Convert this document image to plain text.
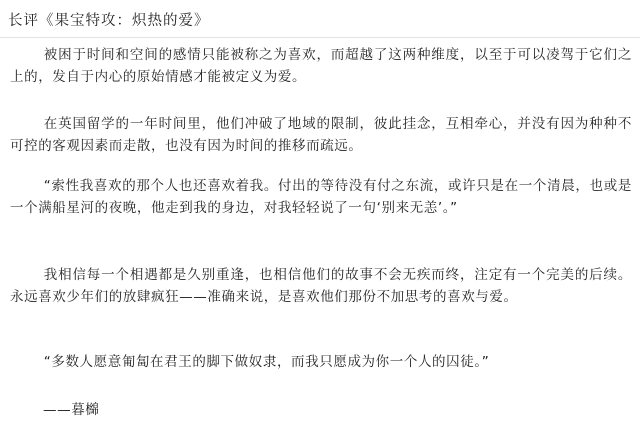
长评《果宝特攻：炽热的爱》

被困于时间和空间的感情只能被称之为喜欢，而超越了这两种维度，以至于可以凌驾于它们之上的，发自于内心的原始情感才能被定义为爱。

在英国留学的一年时间里，他们冲破了地域的限制，彼此挂念，互相牵心，并没有因为种种不可控的客观因素而走散，也没有因为时间的推移而疏远。

“索性我喜欢的那个人也还喜欢着我。付出的等待没有付之东流，或许只是在一个清晨，也或是一个满船星河的夜晚，他走到我的身边，对我轻轻说了一句‘别来无恙’。”

我相信每一个相遇都是久别重逢，也相信他们的故事不会无疾而终，注定有一个完美的后续。永远喜欢少年们的放肆疯狂——准确来说，是喜欢他们那份不加思考的喜欢与爱。

“多数人愿意匍匐在君王的脚下做奴隶，而我只愿成为你一个人的囚徒。”

——暮檰
